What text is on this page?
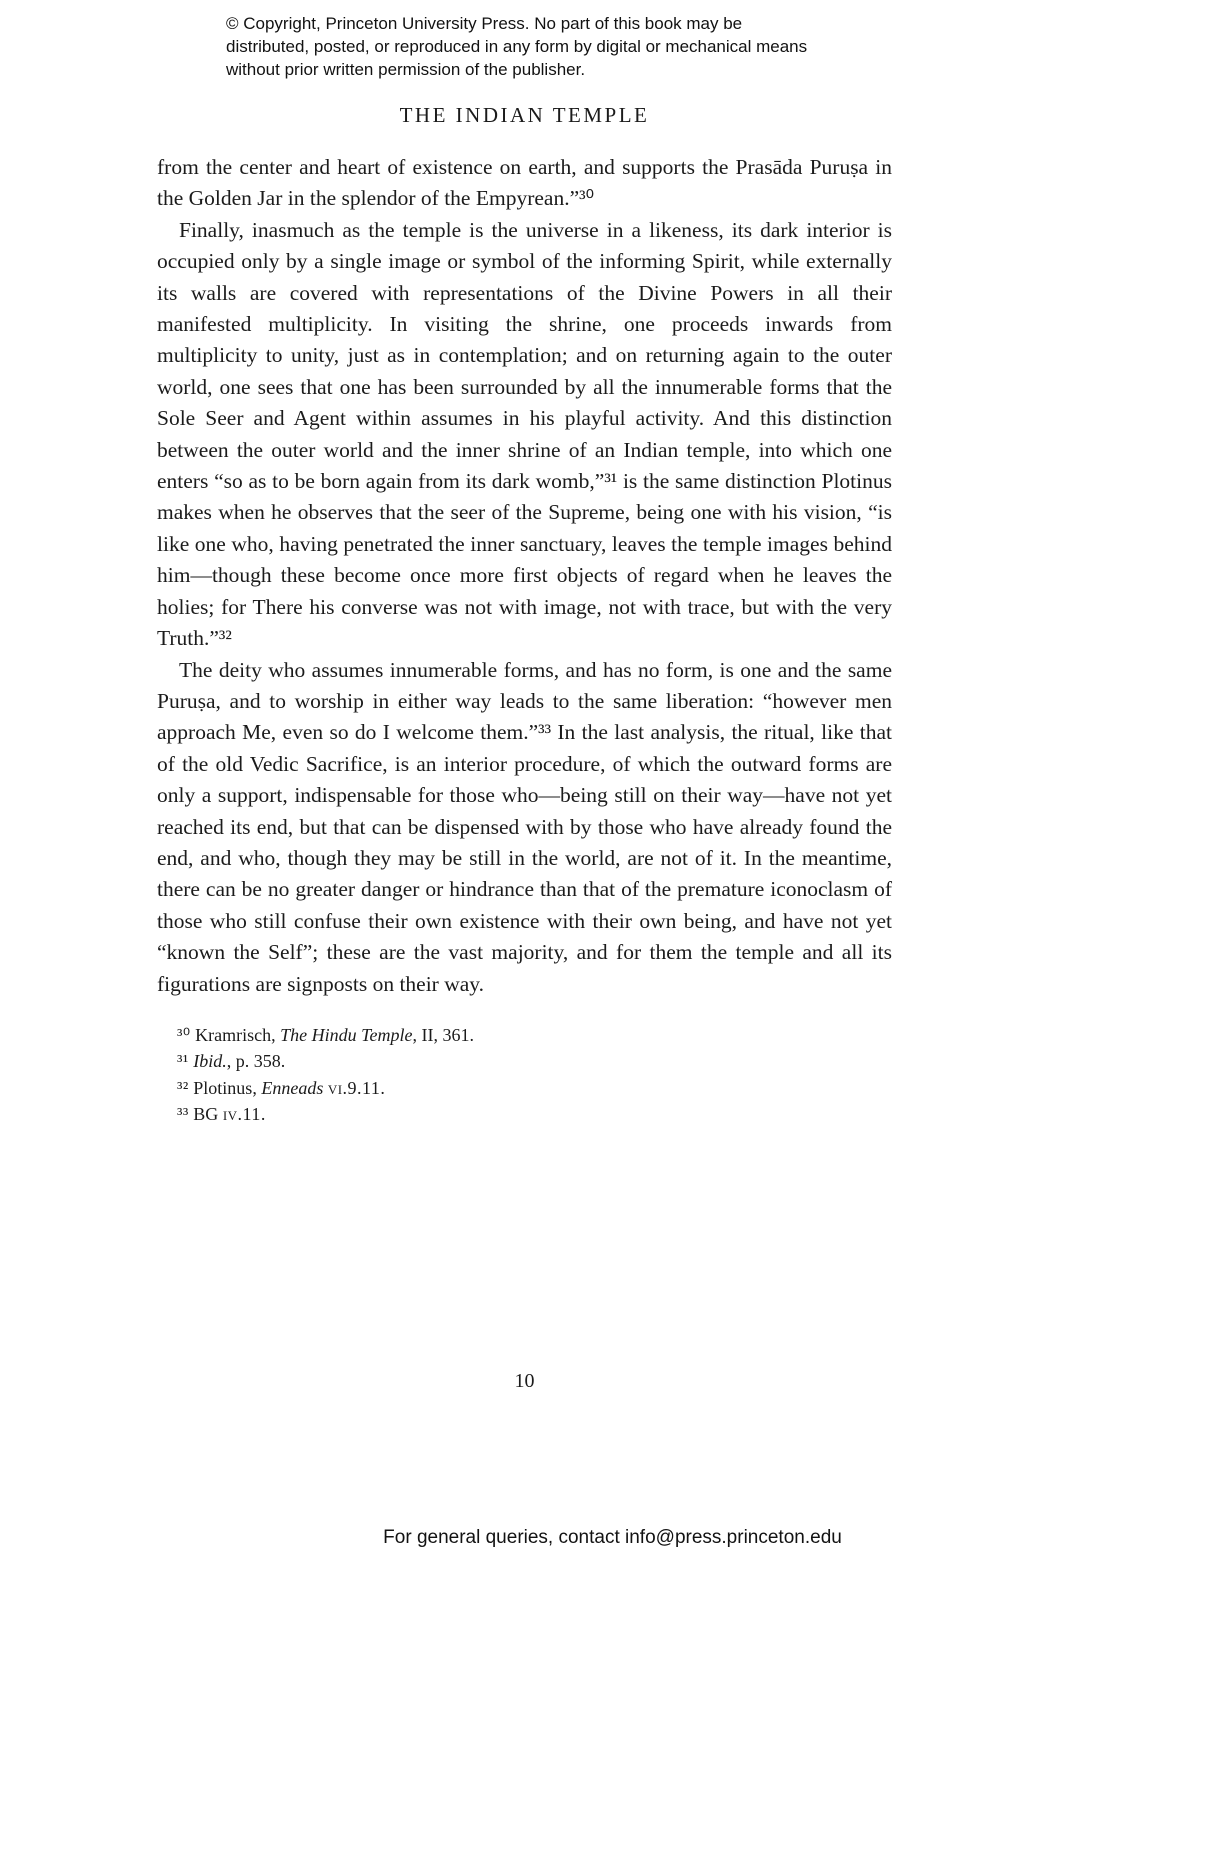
© Copyright, Princeton University Press. No part of this book may be distributed, posted, or reproduced in any form by digital or mechanical means without prior written permission of the publisher.
THE INDIAN TEMPLE

from the center and heart of existence on earth, and supports the Prasāda Puruṣa in the Golden Jar in the splendor of the Empyrean.”³⁰

Finally, inasmuch as the temple is the universe in a likeness, its dark interior is occupied only by a single image or symbol of the informing Spirit, while externally its walls are covered with representations of the Divine Powers in all their manifested multiplicity. In visiting the shrine, one proceeds inwards from multiplicity to unity, just as in contemplation; and on returning again to the outer world, one sees that one has been surrounded by all the innumerable forms that the Sole Seer and Agent within assumes in his playful activity. And this distinction between the outer world and the inner shrine of an Indian temple, into which one enters “so as to be born again from its dark womb,”³¹ is the same distinction Plotinus makes when he observes that the seer of the Supreme, being one with his vision, “is like one who, having penetrated the inner sanctuary, leaves the temple images behind him—though these become once more first objects of regard when he leaves the holies; for There his converse was not with image, not with trace, but with the very Truth.”³²

The deity who assumes innumerable forms, and has no form, is one and the same Puruṣa, and to worship in either way leads to the same liberation: “however men approach Me, even so do I welcome them.”³³ In the last analysis, the ritual, like that of the old Vedic Sacrifice, is an interior procedure, of which the outward forms are only a support, indispensable for those who—being still on their way—have not yet reached its end, but that can be dispensed with by those who have already found the end, and who, though they may be still in the world, are not of it. In the meantime, there can be no greater danger or hindrance than that of the premature iconoclasm of those who still confuse their own existence with their own being, and have not yet “known the Self”; these are the vast majority, and for them the temple and all its figurations are signposts on their way.

³⁰ Kramrisch, The Hindu Temple, II, 361.
³¹ Ibid., p. 358.
³² Plotinus, Enneads vi.9.11.
³³ BG iv.11.
10
For general queries, contact info@press.princeton.edu
